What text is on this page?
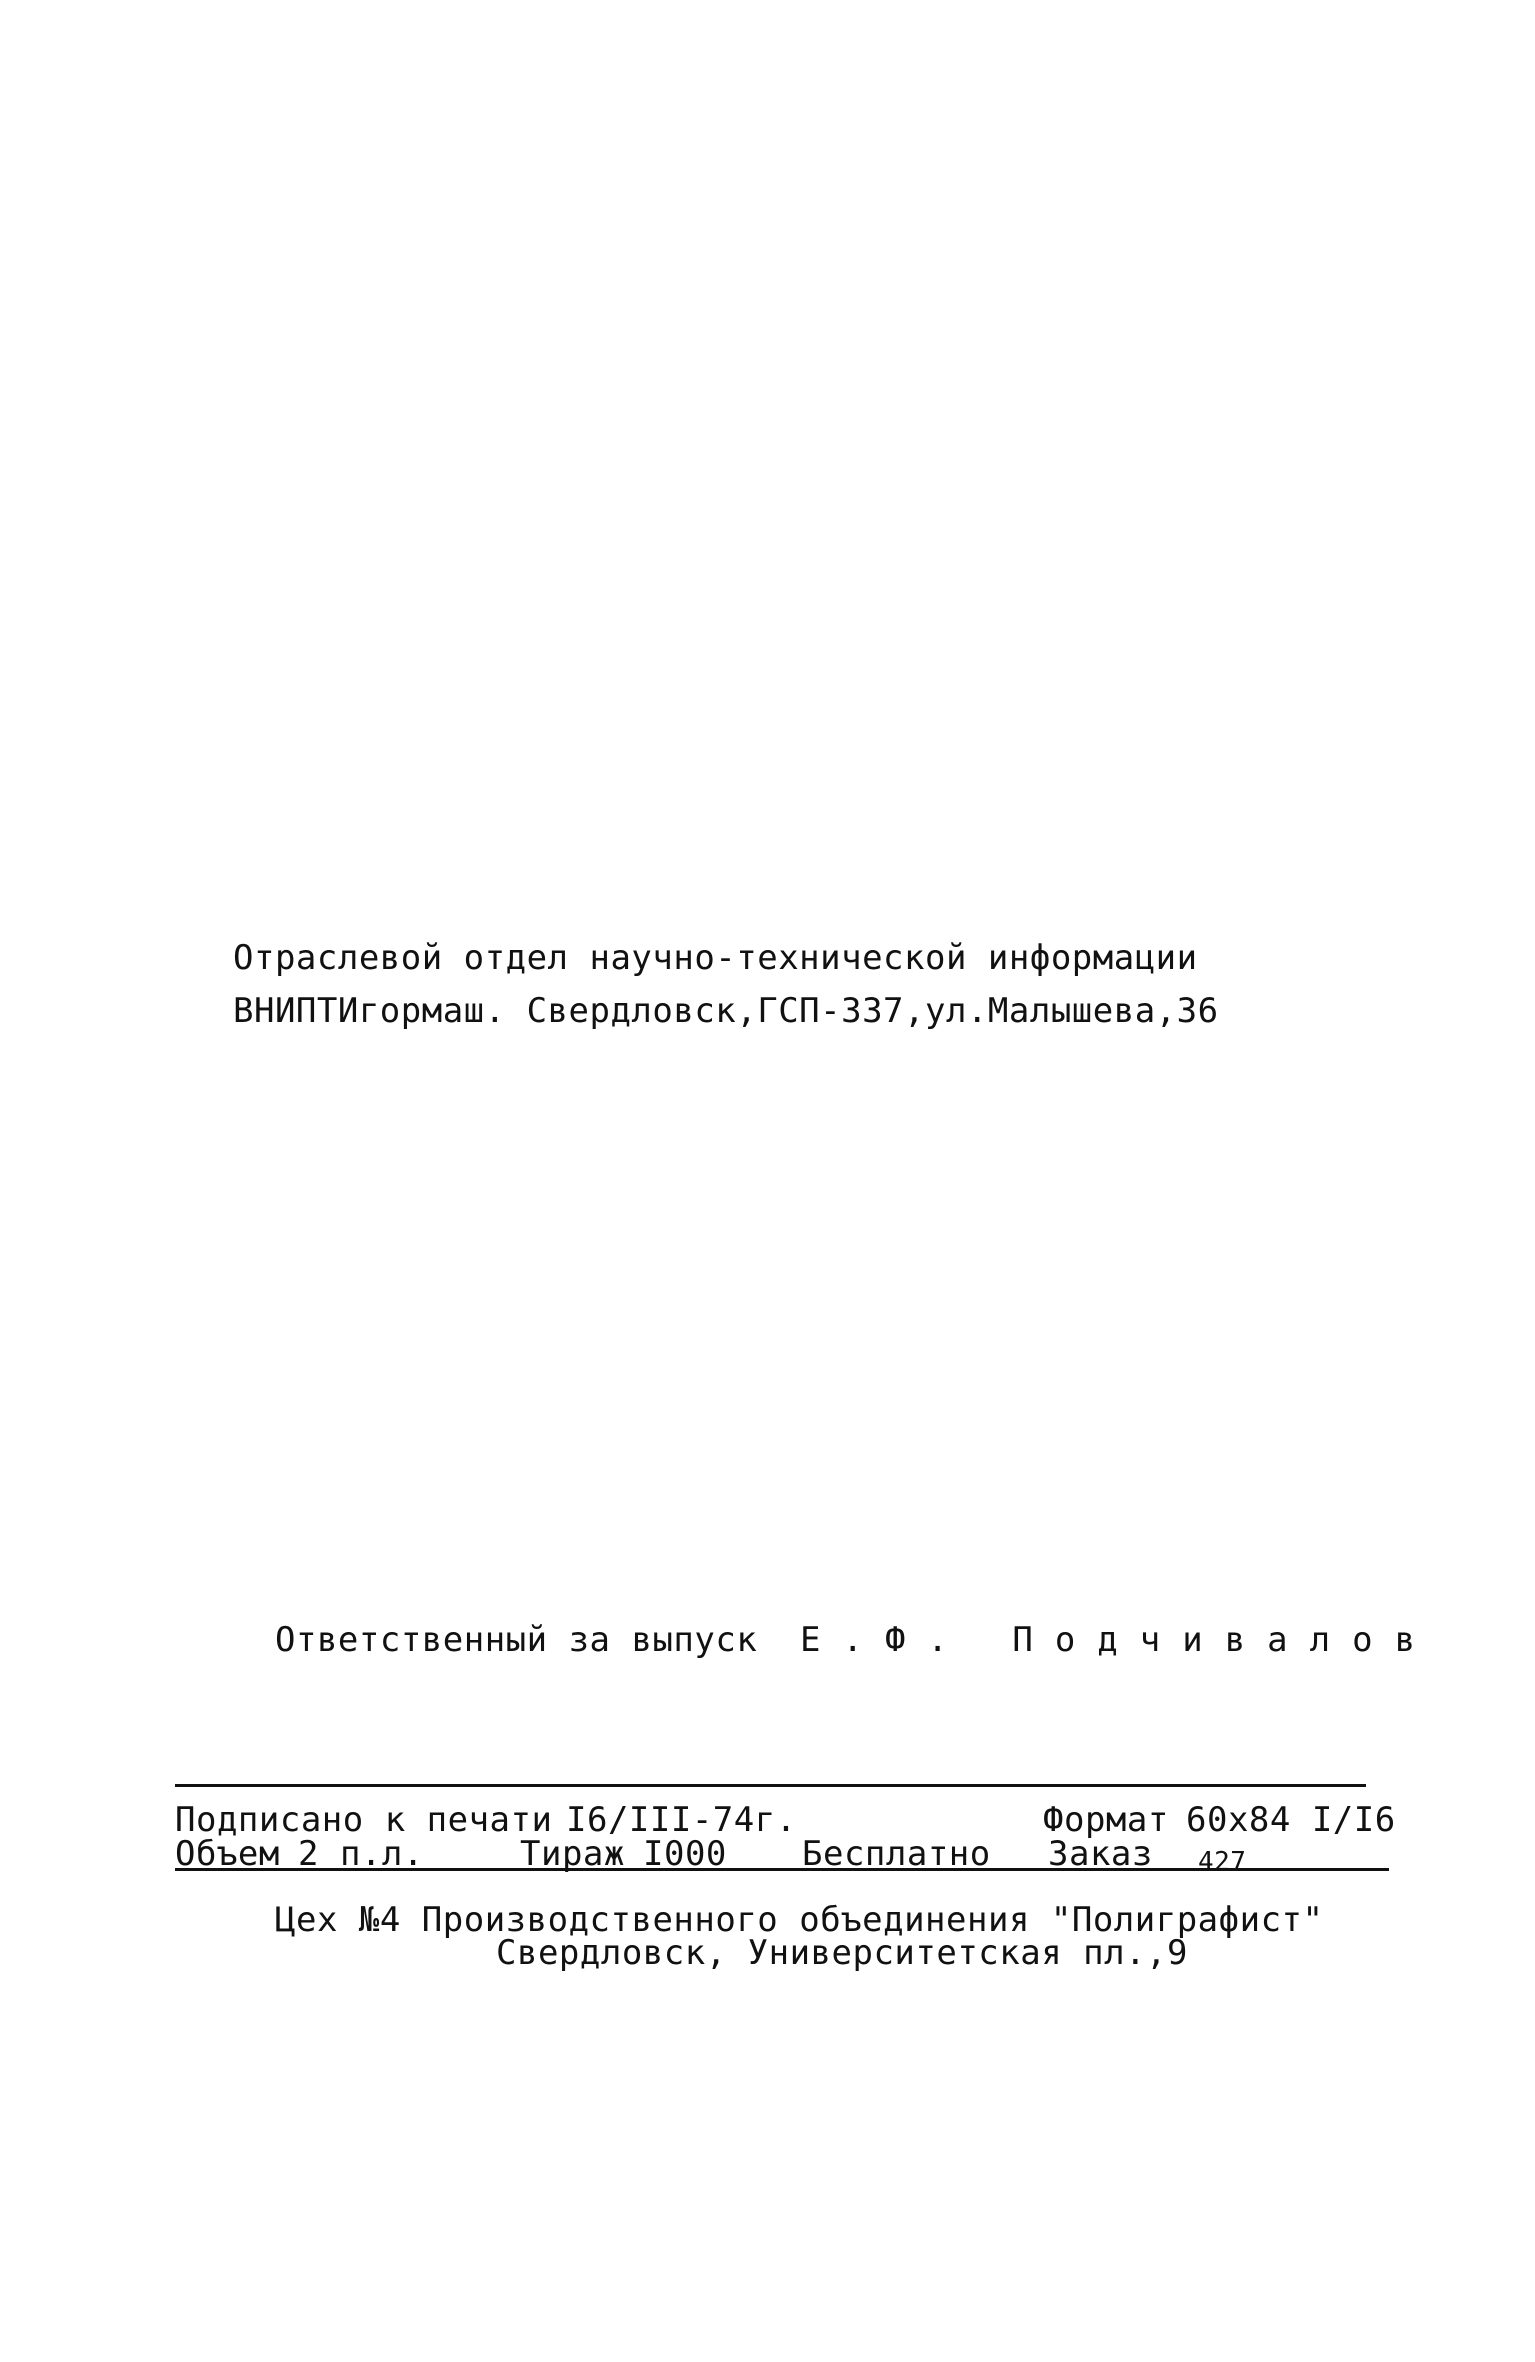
Отраслевой отдел научно-технической информации
ВНИПТИгормаш. Свердловск,ГСП-337,ул.Малышева,36
Ответственный за выпуск Е.Ф. Подчивалов
Подписано к печати I6/III-74г.	Формат 60x84 I/I6
Объем 2 п.л.	Тираж I000 Бесплатно Заказ 427
Цех №4 Производственного объединения "Полиграфист"
Свердловск, Университетская пл.,9
